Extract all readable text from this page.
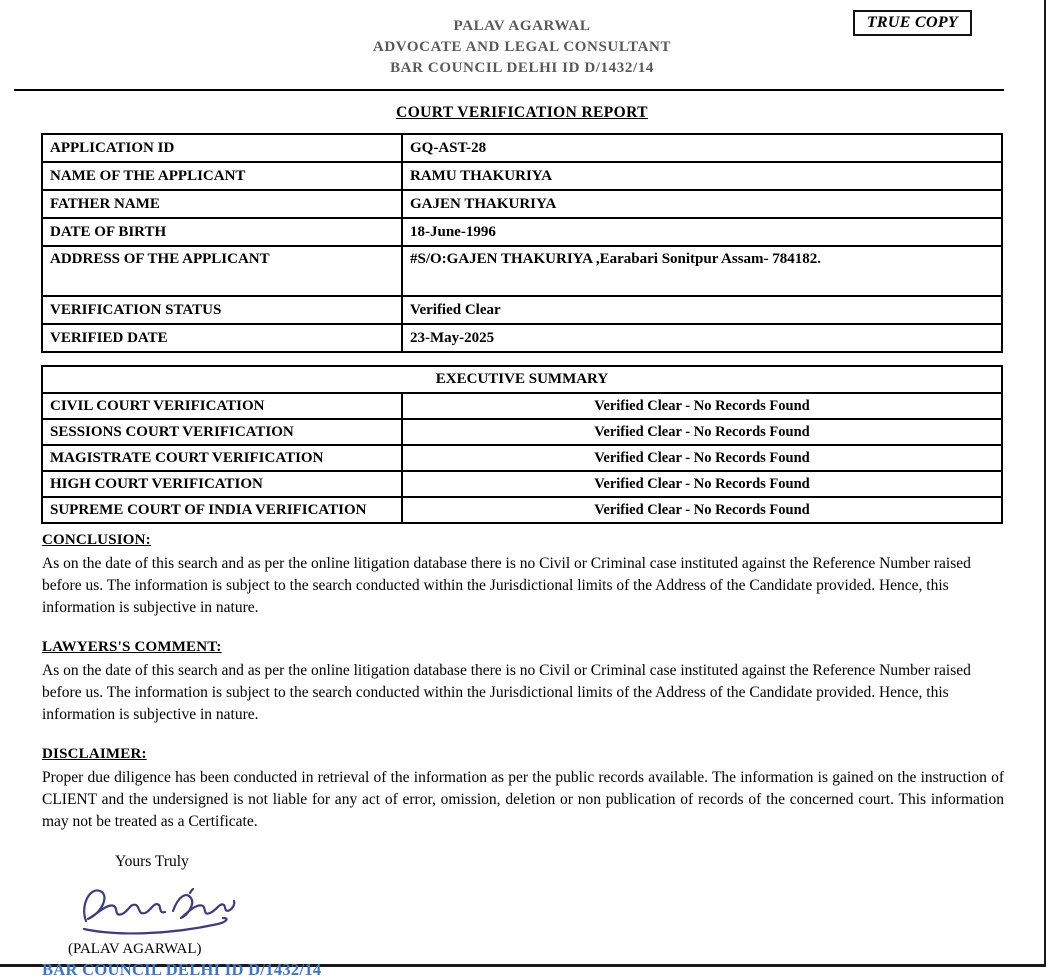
PALAV AGARWAL
ADVOCATE AND LEGAL CONSULTANT
BAR COUNCIL DELHI ID D/1432/14
TRUE COPY
COURT VERIFICATION REPORT
APPLICATION ID	GQ-AST-28
NAME OF THE APPLICANT	RAMU THAKURIYA
FATHER NAME	GAJEN THAKURIYA
DATE OF BIRTH	18-June-1996
ADDRESS OF THE APPLICANT	#S/O:GAJEN THAKURIYA ,Earabari Sonitpur Assam- 784182.
VERIFICATION STATUS	Verified Clear
VERIFIED DATE	23-May-2025
EXECUTIVE SUMMARY	
CIVIL COURT VERIFICATION	Verified Clear - No Records Found
SESSIONS COURT VERIFICATION	Verified Clear - No Records Found
MAGISTRATE COURT VERIFICATION	Verified Clear - No Records Found
HIGH COURT VERIFICATION	Verified Clear - No Records Found
SUPREME COURT OF INDIA VERIFICATION	Verified Clear - No Records Found
CONCLUSION:
As on the date of this search and as per the online litigation database there is no Civil or Criminal case instituted against the Reference Number raised before us. The information is subject to the search conducted within the Jurisdictional limits of the Address of the Candidate provided. Hence, this information is subjective in nature.
LAWYERS'S COMMENT:
As on the date of this search and as per the online litigation database there is no Civil or Criminal case instituted against the Reference Number raised before us. The information is subject to the search conducted within the Jurisdictional limits of the Address of the Candidate provided. Hence, this information is subjective in nature.
DISCLAIMER:
Proper due diligence has been conducted in retrieval of the information as per the public records available. The information is gained on the instruction of CLIENT and the undersigned is not liable for any act of error, omission, deletion or non publication of records of the concerned court. This information may not be treated as a Certificate.
Yours Truly
(PALAV AGARWAL)
BAR COUNCIL DELHI ID D/1432/14
